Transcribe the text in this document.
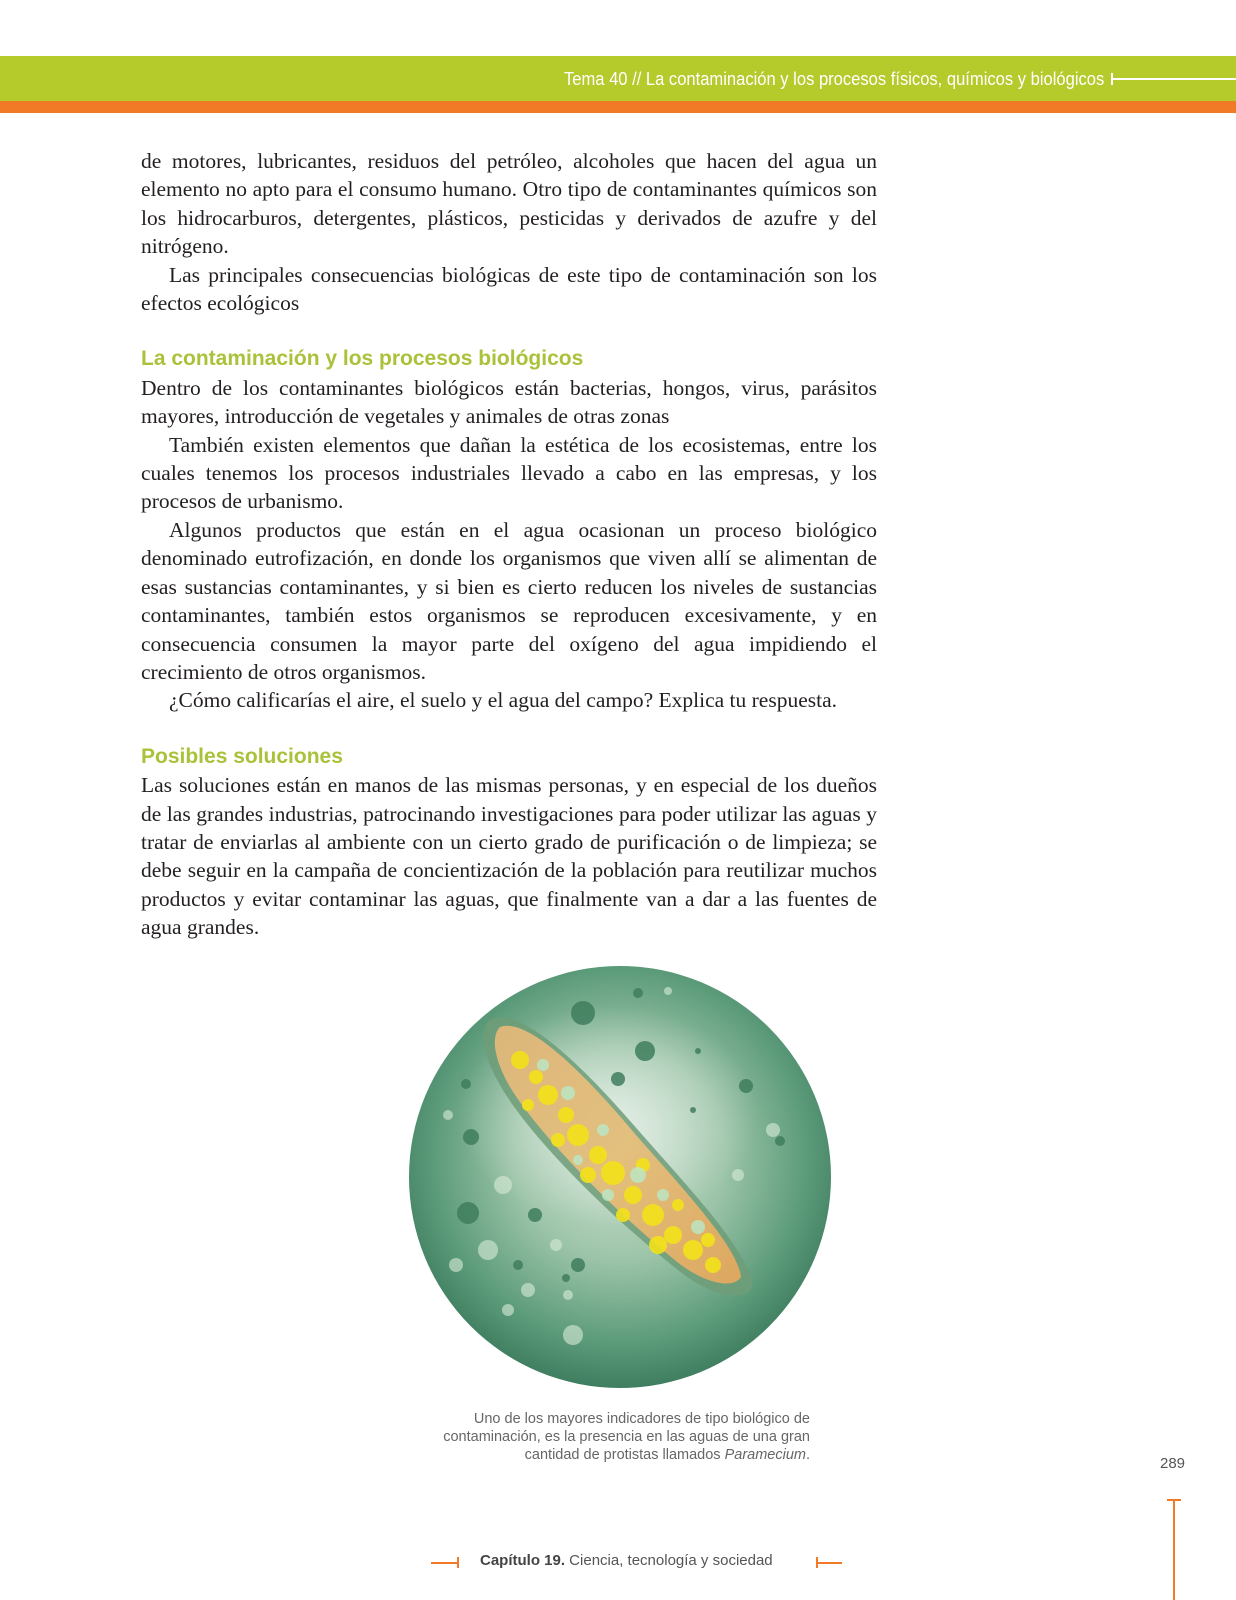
Tema 40 // La contaminación y los procesos físicos, químicos y biológicos

de motores, lubricantes, residuos del petróleo, alcoholes que hacen del agua un elemento no apto para el consumo humano. Otro tipo de contaminantes químicos son los hidrocarburos, detergentes, plásticos, pesticidas y derivados de azufre y del nitrógeno.

Las principales consecuencias biológicas de este tipo de contaminación son los efectos ecológicos

La contaminación y los procesos biológicos

Dentro de los contaminantes biológicos están bacterias, hongos, virus, parásitos mayores, introducción de vegetales y animales de otras zonas

También existen elementos que dañan la estética de los ecosistemas, entre los cuales tenemos los procesos industriales llevado a cabo en las empresas, y los procesos de urbanismo.

Algunos productos que están en el agua ocasionan un proceso biológico denominado eutrofización, en donde los organismos que viven allí se alimentan de esas sustancias contaminantes, y si bien es cierto reducen los niveles de sustancias contaminantes, también estos organismos se reproducen excesivamente, y en consecuencia consumen la mayor parte del oxígeno del agua impidiendo el crecimiento de otros organismos.

¿Cómo calificarías el aire, el suelo y el agua del campo? Explica tu respuesta.

Posibles soluciones

Las soluciones están en manos de las mismas personas, y en especial de los dueños de las grandes industrias, patrocinando investigaciones para poder utilizar las aguas y tratar de enviarlas al ambiente con un cierto grado de purificación o de limpieza; se debe seguir en la campaña de concientización de la población para reutilizar muchos productos y evitar contaminar las aguas, que finalmente van a dar a las fuentes de agua grandes.

Uno de los mayores indicadores de tipo biológico de contaminación, es la presencia en las aguas de una gran cantidad de protistas llamados Paramecium.	289
Capítulo 19. Ciencia, tecnología y sociedad
